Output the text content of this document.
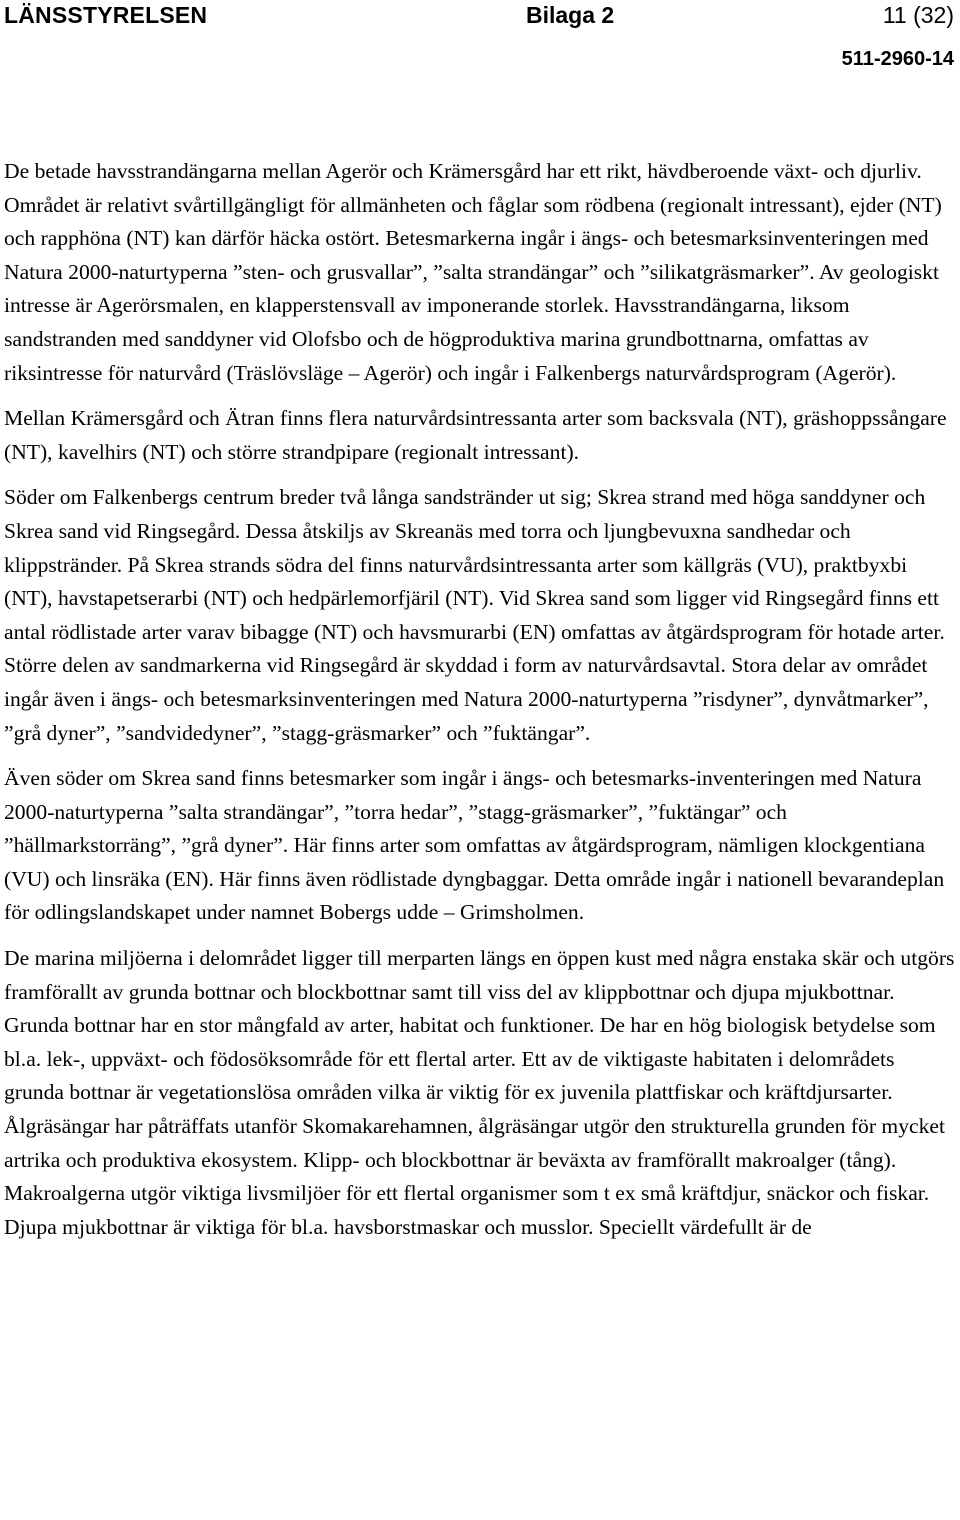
LÄNSSTYRELSEN	Bilaga 2	11 (32)
511-2960-14

De betade havsstrandängarna mellan Agerör och Krämersgård har ett rikt, hävdberoende växt- och djurliv. Området är relativt svårtillgängligt för allmänheten och fåglar som rödbena (regionalt intressant), ejder (NT) och rapphöna (NT) kan därför häcka ostört. Betesmarkerna ingår i ängs- och betesmarksinventeringen med Natura 2000-naturtyperna ”sten- och grusvallar”, ”salta strandängar” och ”silikatgräsmarker”. Av geologiskt intresse är Agerörsmalen, en klapperstensvall av imponerande storlek. Havsstrandängarna, liksom sandstranden med sanddyner vid Olofsbo och de högproduktiva marina grundbottnarna, omfattas av riksintresse för naturvård (Träslövsläge – Agerör) och ingår i Falkenbergs naturvårdsprogram (Agerör).

Mellan Krämersgård och Ätran finns flera naturvårdsintressanta arter som backsvala (NT), gräshoppssångare (NT), kavelhirs (NT) och större strandpipare (regionalt intressant).

Söder om Falkenbergs centrum breder två långa sandstränder ut sig; Skrea strand med höga sanddyner och Skrea sand vid Ringsegård. Dessa åtskiljs av Skreanäs med torra och ljungbevuxna sandhedar och klippstränder. På Skrea strands södra del finns naturvårdsintressanta arter som källgräs (VU), praktbyxbi (NT), havstapetserarbi (NT) och hedpärlemorfjäril (NT). Vid Skrea sand som ligger vid Ringsegård finns ett antal rödlistade arter varav bibagge (NT) och havsmurarbi (EN) omfattas av åtgärdsprogram för hotade arter. Större delen av sandmarkerna vid Ringsegård är skyddad i form av naturvårdsavtal. Stora delar av området ingår även i ängs- och betesmarksinventeringen med Natura 2000-naturtyperna ”risdyner”, dynvåtmarker”, ”grå dyner”, ”sandvidedyner”, ”stagg-gräsmarker” och ”fuktängar”.

Även söder om Skrea sand finns betesmarker som ingår i ängs- och betesmarks-inventeringen med Natura 2000-naturtyperna ”salta strandängar”, ”torra hedar”, ”stagg-gräsmarker”, ”fuktängar” och ”hällmarkstorräng”, ”grå dyner”. Här finns arter som omfattas av åtgärdsprogram, nämligen klockgentiana (VU) och linsräka (EN). Här finns även rödlistade dyngbaggar. Detta område ingår i nationell bevarandeplan för odlingslandskapet under namnet Bobergs udde – Grimsholmen.

De marina miljöerna i delområdet ligger till merparten längs en öppen kust med några enstaka skär och utgörs framförallt av grunda bottnar och blockbottnar samt till viss del av klippbottnar och djupa mjukbottnar. Grunda bottnar har en stor mångfald av arter, habitat och funktioner. De har en hög biologisk betydelse som bl.a. lek-, uppväxt- och födosöksområde för ett flertal arter. Ett av de viktigaste habitaten i delområdets grunda bottnar är vegetationslösa områden vilka är viktig för ex juvenila plattfiskar och kräftdjursarter. Ålgräsängar har påträffats utanför Skomakarehamnen, ålgräsängar utgör den strukturella grunden för mycket artrika och produktiva ekosystem. Klipp- och blockbottnar är beväxta av framförallt makroalger (tång). Makroalgerna utgör viktiga livsmiljöer för ett flertal organismer som t ex små kräftdjur, snäckor och fiskar. Djupa mjukbottnar är viktiga för bl.a. havsborstmaskar och musslor. Speciellt värdefullt är de
